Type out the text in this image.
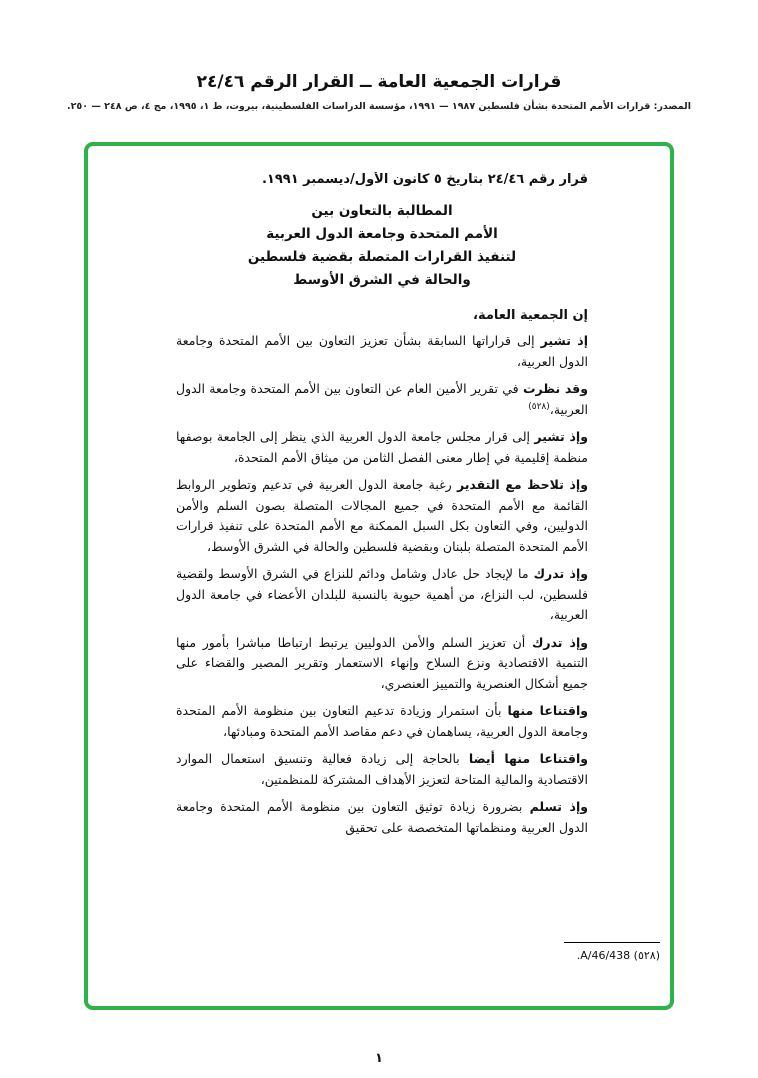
قرارات الجمعية العامة ــ القرار الرقم ٢٤/٤٦
المصدر: قرارات الأمم المتحدة بشأن فلسطين ١٩٨٧ — ١٩٩١، مؤسسة الدراسات الفلسطينية، بيروت، ط ١، ١٩٩٥، مج ٤، ص ٢٤٨ — ٢٥٠.
قرار رقم ٢٤/٤٦ بتاريخ ٥ كانون الأول/ديسمبر ١٩٩١.
المطالبة بالتعاون بين
الأمم المتحدة وجامعة الدول العربية
لتنفيذ القرارات المتصلة بقضية فلسطين
والحالة في الشرق الأوسط

إن الجمعية العامة،

إذ تشير إلى قراراتها السابقة بشأن تعزيز التعاون بين الأمم المتحدة وجامعة الدول العربية،

وقد نظرت في تقرير الأمين العام عن التعاون بين الأمم المتحدة وجامعة الدول العربية،$^{(٥٢٨)}$

وإذ تشير إلى قرار مجلس جامعة الدول العربية الذي ينظر إلى الجامعة بوصفها منظمة إقليمية في إطار معنى الفصل الثامن من ميثاق الأمم المتحدة،

وإذ تلاحظ مع التقدير رغبة جامعة الدول العربية في تدعيم وتطوير الروابط القائمة مع الأمم المتحدة في جميع المجالات المتصلة بصون السلم والأمن الدوليين، وفي التعاون بكل السبل الممكنة مع الأمم المتحدة على تنفيذ قرارات الأمم المتحدة المتصلة بلبنان وبقضية فلسطين والحالة في الشرق الأوسط،

وإذ تدرك ما لإيجاد حل عادل وشامل ودائم للنزاع في الشرق الأوسط ولقضية فلسطين، لب النزاع، من أهمية حيوية بالنسبة للبلدان الأعضاء في جامعة الدول العربية،

وإذ تدرك أن تعزيز السلم والأمن الدوليين يرتبط ارتباطا مباشرا بأمور منها التنمية الاقتصادية ونزع السلاح وإنهاء الاستعمار وتقرير المصير والقضاء على جميع أشكال العنصرية والتمييز العنصري،

واقتناعا منها بأن استمرار وزيادة تدعيم التعاون بين منظومة الأمم المتحدة وجامعة الدول العربية، يساهمان في دعم مقاصد الأمم المتحدة ومبادئها،

واقتناعا منها أيضا بالحاجة إلى زيادة فعالية وتنسيق استعمال الموارد الاقتصادية والمالية المتاحة لتعزيز الأهداف المشتركة للمنظمتين،

وإذ تسلم بضرورة زيادة توثيق التعاون بين منظومة الأمم المتحدة وجامعة الدول العربية ومنظماتها المتخصصة على تحقيق

(٥٢٨) A/46/438.
١
